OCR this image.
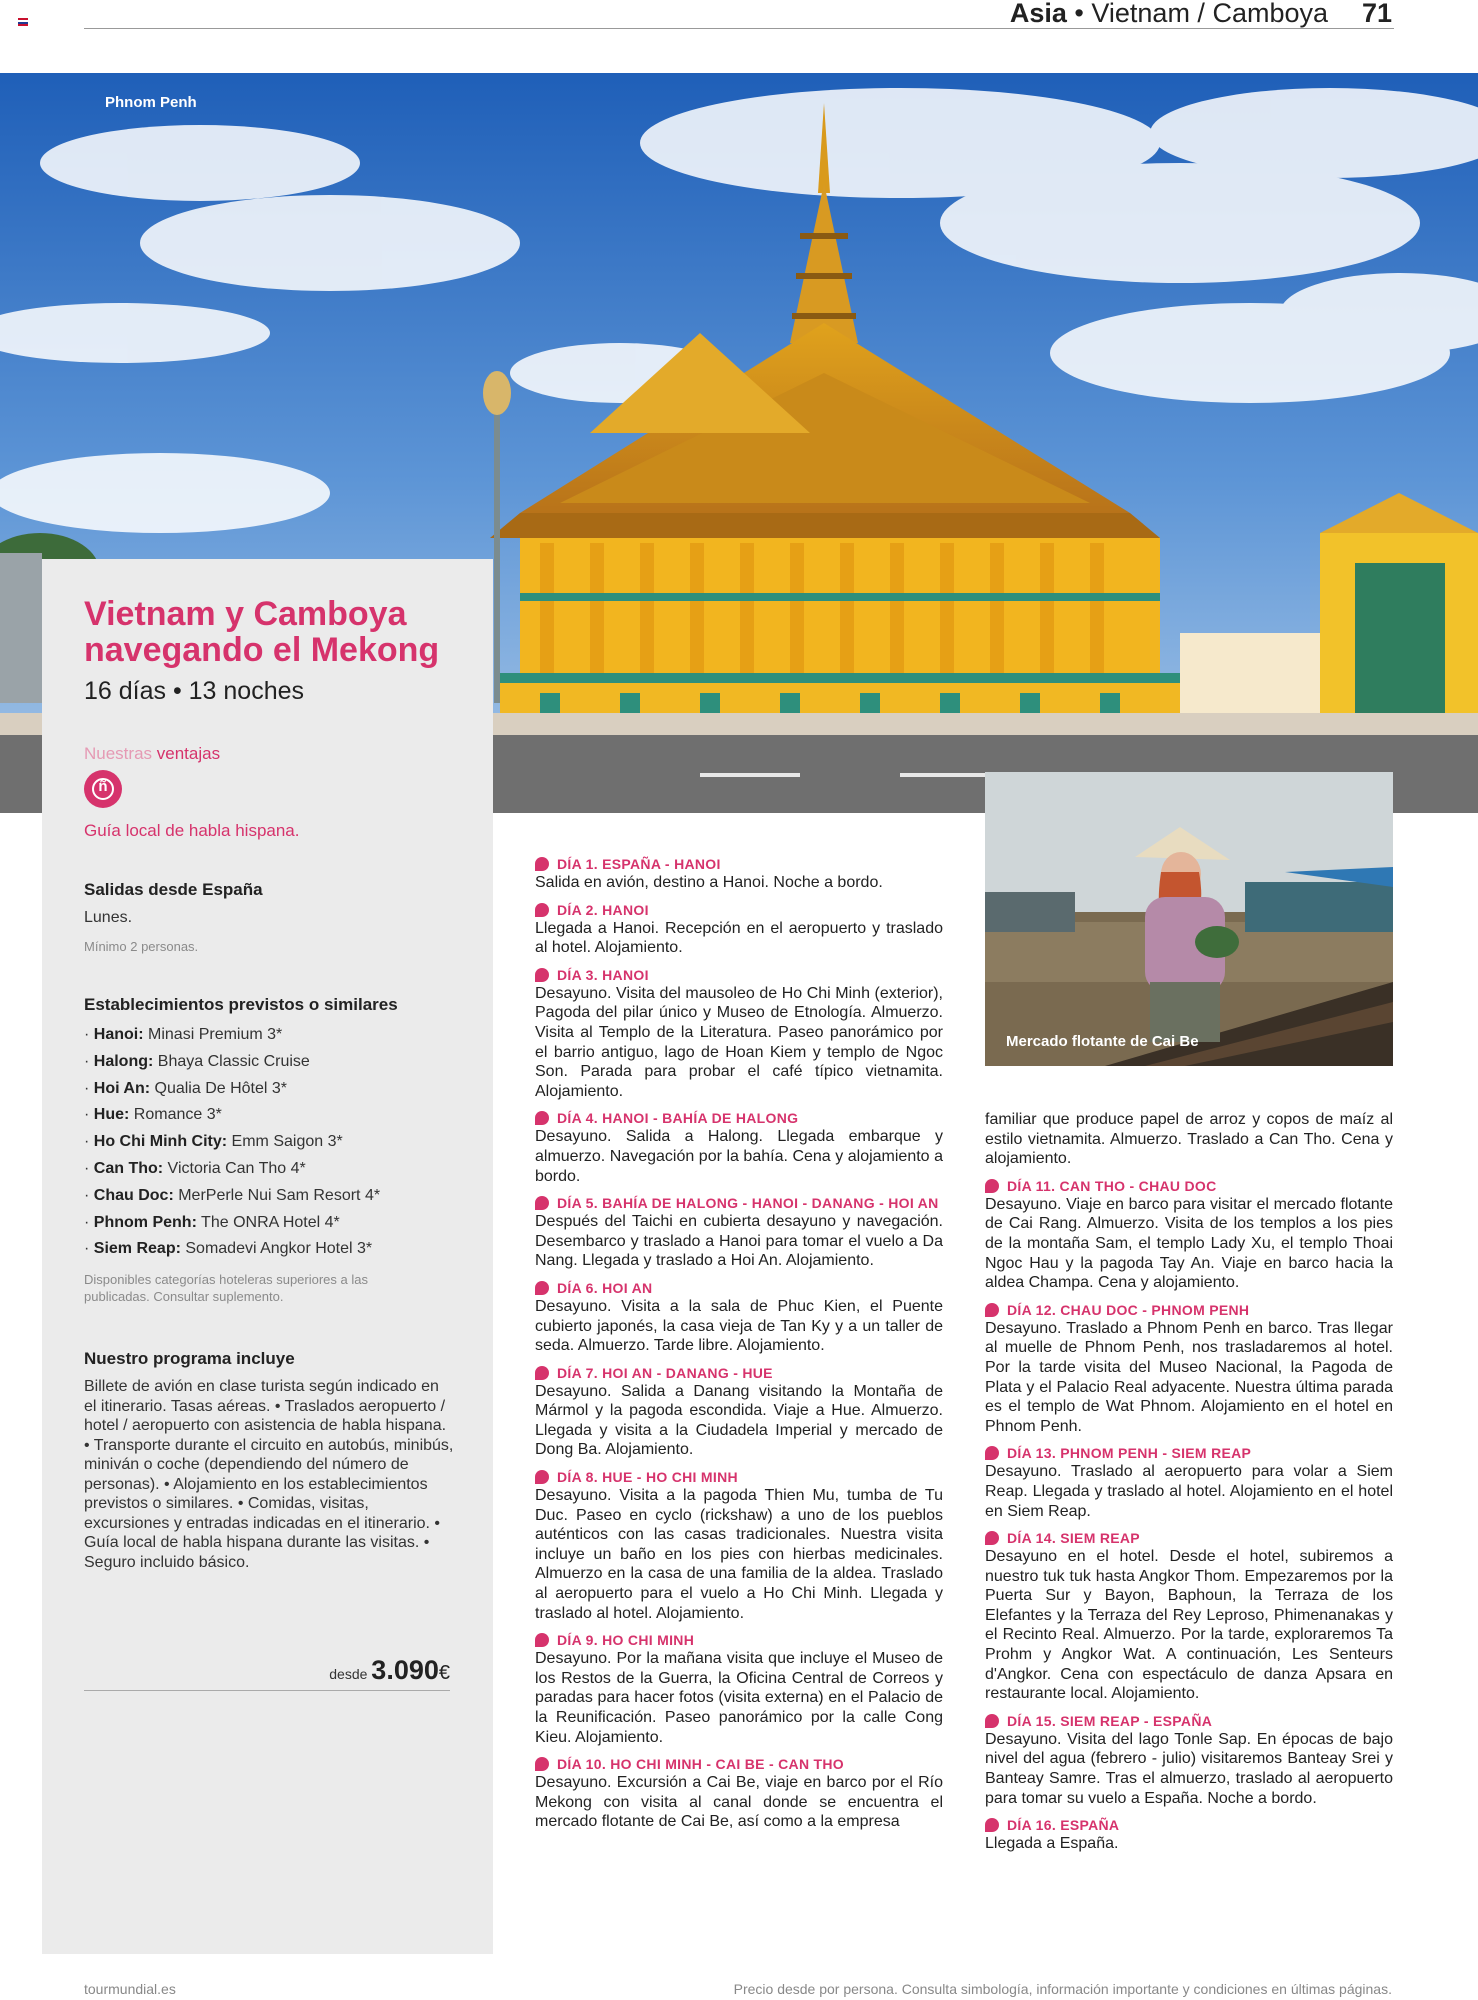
Asia • Vietnam / Camboya 71
Phnom Penh
Vietnam y Camboya navegando el Mekong
16 días • 13 noches
Nuestras ventajas
ñ
Guía local de habla hispana.
Salidas desde España
Lunes.
Mínimo 2 personas.
Establecimientos previstos o similares
· Hanoi: Minasi Premium 3*
· Halong: Bhaya Classic Cruise
· Hoi An: Qualia De Hôtel 3*
· Hue: Romance 3*
· Ho Chi Minh City: Emm Saigon 3*
· Can Tho: Victoria Can Tho 4*
· Chau Doc: MerPerle Nui Sam Resort 4*
· Phnom Penh: The ONRA Hotel 4*
· Siem Reap: Somadevi Angkor Hotel 3*
Disponibles categorías hoteleras superiores a las publicadas. Consultar suplemento.
Nuestro programa incluye
Billete de avión en clase turista según indicado en el itinerario. Tasas aéreas. • Traslados aeropuerto / hotel / aeropuerto con asistencia de habla hispana. • Transporte durante el circuito en autobús, minibús, miniván o coche (dependiendo del número de personas). • Alojamiento en los establecimientos previstos o similares. • Comidas, visitas, excursiones y entradas indicadas en el itinerario. • Guía local de habla hispana durante las visitas. • Seguro incluido básico.
desde 3.090€
DÍA 1. ESPAÑA - HANOI
Salida en avión, destino a Hanoi. Noche a bordo.
DÍA 2. HANOI
Llegada a Hanoi. Recepción en el aeropuerto y traslado al hotel. Alojamiento.
DÍA 3. HANOI
Desayuno. Visita del mausoleo de Ho Chi Minh (exterior), Pagoda del pilar único y Museo de Etnología. Almuerzo. Visita al Templo de la Literatura. Paseo panorámico por el barrio antiguo, lago de Hoan Kiem y templo de Ngoc Son. Parada para probar el café típico vietnamita. Alojamiento.
DÍA 4. HANOI - BAHÍA DE HALONG
Desayuno. Salida a Halong. Llegada embarque y almuerzo. Navegación por la bahía. Cena y alojamiento a bordo.
DÍA 5. BAHÍA DE HALONG - HANOI - DANANG - HOI AN
Después del Taichi en cubierta desayuno y navegación. Desembarco y traslado a Hanoi para tomar el vuelo a Da Nang. Llegada y traslado a Hoi An. Alojamiento.
DÍA 6. HOI AN
Desayuno. Visita a la sala de Phuc Kien, el Puente cubierto japonés, la casa vieja de Tan Ky y a un taller de seda. Almuerzo. Tarde libre. Alojamiento.
DÍA 7. HOI AN - DANANG - HUE
Desayuno. Salida a Danang visitando la Montaña de Mármol y la pagoda escondida. Viaje a Hue. Almuerzo. Llegada y visita a la Ciudadela Imperial y mercado de Dong Ba. Alojamiento.
DÍA 8. HUE - HO CHI MINH
Desayuno. Visita a la pagoda Thien Mu, tumba de Tu Duc. Paseo en cyclo (rickshaw) a uno de los pueblos auténticos con las casas tradicionales. Nuestra visita incluye un baño en los pies con hierbas medicinales. Almuerzo en la casa de una familia de la aldea. Traslado al aeropuerto para el vuelo a Ho Chi Minh. Llegada y traslado al hotel. Alojamiento.
DÍA 9. HO CHI MINH
Desayuno. Por la mañana visita que incluye el Museo de los Restos de la Guerra, la Oficina Central de Correos y paradas para hacer fotos (visita externa) en el Palacio de la Reunificación. Paseo panorámico por la calle Cong Kieu. Alojamiento.
DÍA 10. HO CHI MINH - CAI BE - CAN THO
Desayuno. Excursión a Cai Be, viaje en barco por el Río Mekong con visita al canal donde se encuentra el mercado flotante de Cai Be, así como a la empresa
Mercado flotante de Cai Be
familiar que produce papel de arroz y copos de maíz al estilo vietnamita. Almuerzo. Traslado a Can Tho. Cena y alojamiento.
DÍA 11. CAN THO - CHAU DOC
Desayuno. Viaje en barco para visitar el mercado flotante de Cai Rang. Almuerzo. Visita de los templos a los pies de la montaña Sam, el templo Lady Xu, el templo Thoai Ngoc Hau y la pagoda Tay An. Viaje en barco hacia la aldea Champa. Cena y alojamiento.
DÍA 12. CHAU DOC - PHNOM PENH
Desayuno. Traslado a Phnom Penh en barco. Tras llegar al muelle de Phnom Penh, nos trasladaremos al hotel. Por la tarde visita del Museo Nacional, la Pagoda de Plata y el Palacio Real adyacente. Nuestra última parada es el templo de Wat Phnom. Alojamiento en el hotel en Phnom Penh.
DÍA 13. PHNOM PENH - SIEM REAP
Desayuno. Traslado al aeropuerto para volar a Siem Reap. Llegada y traslado al hotel. Alojamiento en el hotel en Siem Reap.
DÍA 14. SIEM REAP
Desayuno en el hotel. Desde el hotel, subiremos a nuestro tuk tuk hasta Angkor Thom. Empezaremos por la Puerta Sur y Bayon, Baphoun, la Terraza de los Elefantes y la Terraza del Rey Leproso, Phimenanakas y el Recinto Real. Almuerzo. Por la tarde, exploraremos Ta Prohm y Angkor Wat. A continuación, Les Senteurs d'Angkor. Cena con espectáculo de danza Apsara en restaurante local. Alojamiento.
DÍA 15. SIEM REAP - ESPAÑA
Desayuno. Visita del lago Tonle Sap. En épocas de bajo nivel del agua (febrero - julio) visitaremos Banteay Srei y Banteay Samre. Tras el almuerzo, traslado al aeropuerto para tomar su vuelo a España. Noche a bordo.
DÍA 16. ESPAÑA
Llegada a España.
tourmundial.es	Precio desde por persona. Consulta simbología, información importante y condiciones en últimas páginas.
